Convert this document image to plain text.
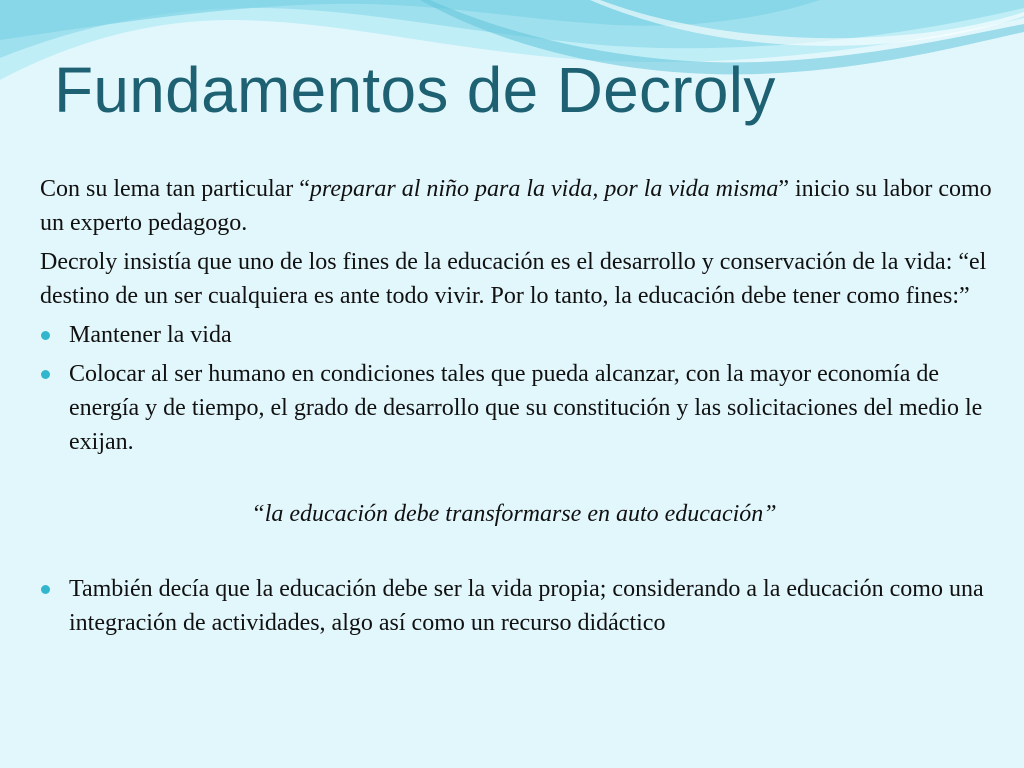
Fundamentos de Decroly

Con su lema tan particular “preparar al niño para la vida, por la vida misma” inicio su labor como un experto pedagogo.

Decroly insistía que uno de los fines de la educación es el desarrollo y conservación de la vida: “el destino de un ser cualquiera es ante todo vivir. Por lo tanto, la educación debe tener como fines:”

Mantener la vida
Colocar al ser humano en condiciones tales que pueda alcanzar, con la mayor economía de energía y de tiempo, el grado de desarrollo que su constitución y las solicitaciones del medio le exijan.

“la educación debe transformarse en auto educación”

También decía que la educación debe ser la vida propia; considerando a la educación como una integración de actividades, algo así como un recurso didáctico
